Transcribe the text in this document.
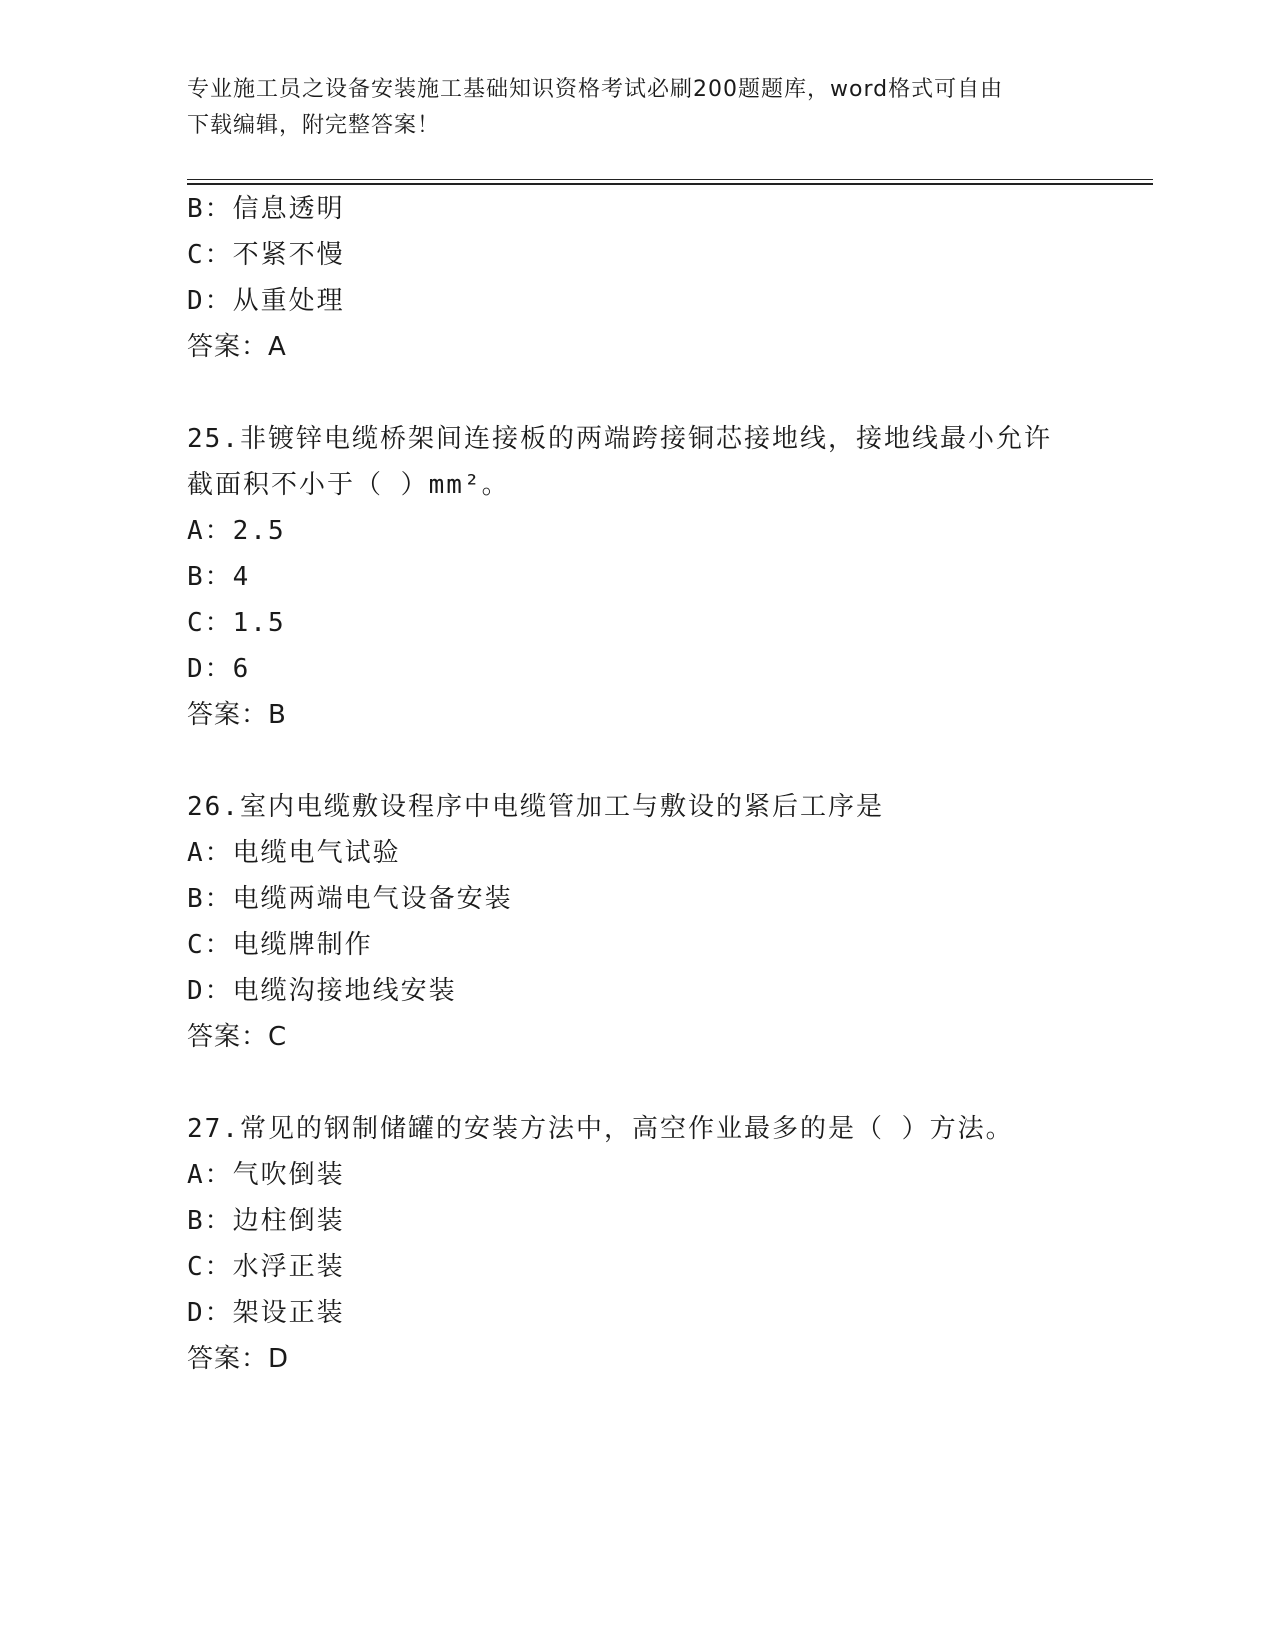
专业施工员之设备安装施工基础知识资格考试必刷200题题库，word格式可自由
下载编辑，附完整答案！
B：信息透明
C：不紧不慢
D：从重处理
答案：A
25.非镀锌电缆桥架间连接板的两端跨接铜芯接地线，接地线最小允许
截面积不小于（ ）mm²。
A：2.5
B：4
C：1.5
D：6
答案：B
26.室内电缆敷设程序中电缆管加工与敷设的紧后工序是
A：电缆电气试验
B：电缆两端电气设备安装
C：电缆牌制作
D：电缆沟接地线安装
答案：C
27.常见的钢制储罐的安装方法中，高空作业最多的是（ ）方法。
A：气吹倒装
B：边柱倒装
C：水浮正装
D：架设正装
答案：D
